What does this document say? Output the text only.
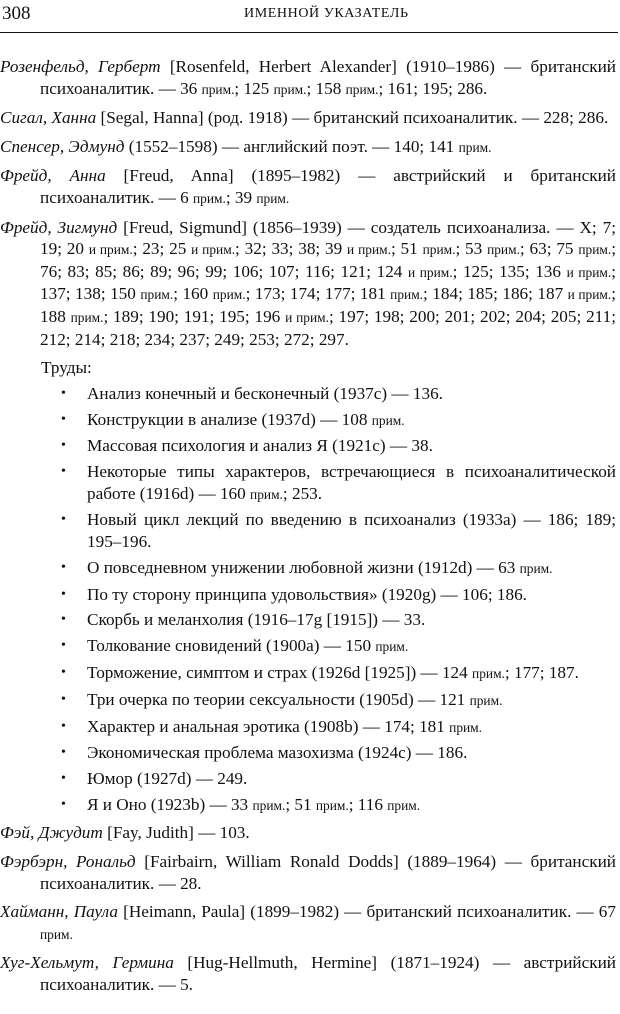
308	ИМЕННОЙ УКАЗАТЕЛЬ

Розенфельд, Герберт [Rosenfeld, Herbert Alexander] (1910–1986) — британский психоаналитик. — 36 прим.; 125 прим.; 158 прим.; 161; 195; 286.

Сигал, Ханна [Segal, Hanna] (род. 1918) — британский психоаналитик. — 228; 286.

Спенсер, Эдмунд (1552–1598) — английский поэт. — 140; 141 прим.

Фрейд, Анна [Freud, Anna] (1895–1982) — австрийский и британский психоаналитик. — 6 прим.; 39 прим.

Фрейд, Зигмунд [Freud, Sigmund] (1856–1939) — создатель психоанализа. — X; 7; 19; 20 и прим.; 23; 25 и прим.; 32; 33; 38; 39 и прим.; 51 прим.; 53 прим.; 63; 75 прим.; 76; 83; 85; 86; 89; 96; 99; 106; 107; 116; 121; 124 и прим.; 125; 135; 136 и прим.; 137; 138; 150 прим.; 160 прим.; 173; 174; 177; 181 прим.; 184; 185; 186; 187 и прим.; 188 прим.; 189; 190; 191; 195; 196 и прим.; 197; 198; 200; 201; 202; 204; 205; 211; 212; 214; 218; 234; 237; 249; 253; 272; 297.

Труды:
• Анализ конечный и бесконечный (1937c) — 136.
• Конструкции в анализе (1937d) — 108 прим.
• Массовая психология и анализ Я (1921c) — 38.
• Некоторые типы характеров, встречающиеся в психоаналитической работе (1916d) — 160 прим.; 253.
• Новый цикл лекций по введению в психоанализ (1933a) — 186; 189; 195–196.
• О повседневном унижении любовной жизни (1912d) — 63 прим.
• По ту сторону принципа удовольствия» (1920g) — 106; 186.
• Скорбь и меланхолия (1916–17g [1915]) — 33.
• Толкование сновидений (1900a) — 150 прим.
• Торможение, симптом и страх (1926d [1925]) — 124 прим.; 177; 187.
• Три очерка по теории сексуальности (1905d) — 121 прим.
• Характер и анальная эротика (1908b) — 174; 181 прим.
• Экономическая проблема мазохизма (1924c) — 186.
• Юмор (1927d) — 249.
• Я и Оно (1923b) — 33 прим.; 51 прим.; 116 прим.

Фэй, Джудит [Fay, Judith] — 103.

Фэрбэрн, Рональд [Fairbairn, William Ronald Dodds] (1889–1964) — британский психоаналитик. — 28.

Хайманн, Паула [Heimann, Paula] (1899–1982) — британский психоаналитик. — 67 прим.

Хуг-Хельмут, Гермина [Hug-Hellmuth, Hermine] (1871–1924) — австрийский психоаналитик. — 5.
